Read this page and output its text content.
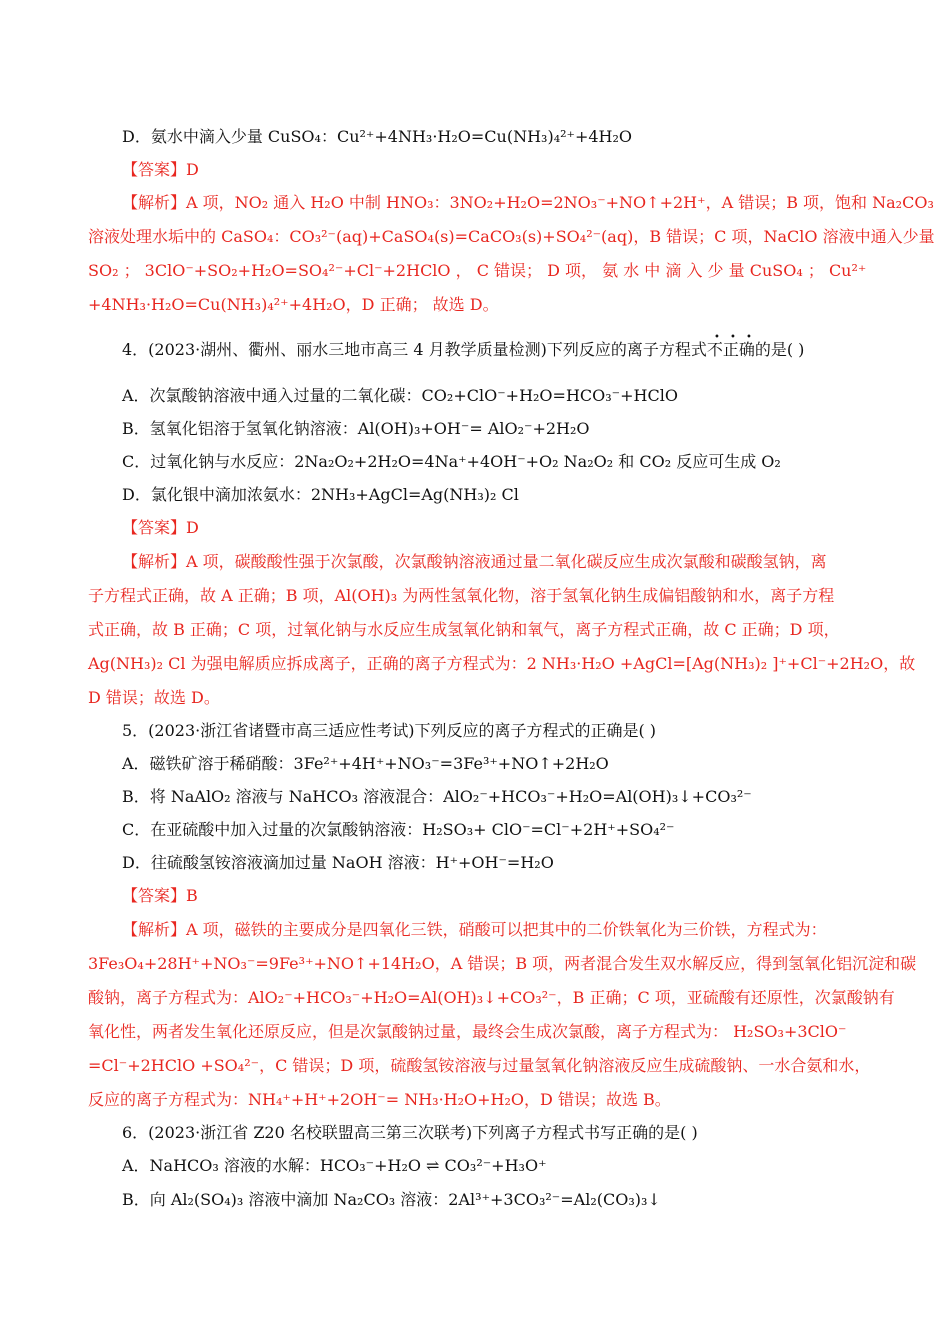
D．氨水中滴入少量 CuSO₄：Cu²⁺+4NH₃·H₂O=Cu(NH₃)₄²⁺+4H₂O
【答案】D
【解析】A 项，NO₂ 通入 H₂O 中制 HNO₃：3NO₂+H₂O=2NO₃⁻+NO↑+2H⁺，A 错误；B 项，饱和 Na₂CO₃
溶液处理水垢中的 CaSO₄：CO₃²⁻(aq)+CaSO₄(s)=CaCO₃(s)+SO₄²⁻(aq)，B 错误；C 项，NaClO 溶液中通入少量
SO₂ ； 3ClO⁻+SO₂+H₂O=SO₄²⁻+Cl⁻+2HClO ， C 错误； D 项， 氨 水 中 滴 入 少 量 CuSO₄ ； Cu²⁺
+4NH₃·H₂O=Cu(NH₃)₄²⁺+4H₂O，D 正确； 故选 D。
4．(2023·湖州、衢州、丽水三地市高三 4 月教学质量检测)下列反应的离子方程式不正确的是( )
• • •
A．次氯酸钠溶液中通入过量的二氧化碳：CO₂+ClO⁻+H₂O=HCO₃⁻+HClO
B．氢氧化铝溶于氢氧化钠溶液：Al(OH)₃+OH⁻= AlO₂⁻+2H₂O
C．过氧化钠与水反应：2Na₂O₂+2H₂O=4Na⁺+4OH⁻+O₂ Na₂O₂ 和 CO₂ 反应可生成 O₂
D．氯化银中滴加浓氨水：2NH₃+AgCl=Ag(NH₃)₂ Cl
【答案】D
【解析】A 项，碳酸酸性强于次氯酸，次氯酸钠溶液通过量二氧化碳反应生成次氯酸和碳酸氢钠，离
子方程式正确，故 A 正确；B 项，Al(OH)₃ 为两性氢氧化物，溶于氢氧化钠生成偏铝酸钠和水，离子方程
式正确，故 B 正确；C 项，过氧化钠与水反应生成氢氧化钠和氧气，离子方程式正确，故 C 正确；D 项，
Ag(NH₃)₂ Cl 为强电解质应拆成离子，正确的离子方程式为：2 NH₃·H₂O +AgCl=[Ag(NH₃)₂ ]⁺+Cl⁻+2H₂O，故
D 错误；故选 D。
5．(2023·浙江省诸暨市高三适应性考试)下列反应的离子方程式的正确是( )
A．磁铁矿溶于稀硝酸：3Fe²⁺+4H⁺+NO₃⁻=3Fe³⁺+NO↑+2H₂O
B．将 NaAlO₂ 溶液与 NaHCO₃ 溶液混合：AlO₂⁻+HCO₃⁻+H₂O=Al(OH)₃↓+CO₃²⁻
C．在亚硫酸中加入过量的次氯酸钠溶液：H₂SO₃+ ClO⁻=Cl⁻+2H⁺+SO₄²⁻
D．往硫酸氢铵溶液滴加过量 NaOH 溶液：H⁺+OH⁻=H₂O
【答案】B
【解析】A 项，磁铁的主要成分是四氧化三铁，硝酸可以把其中的二价铁氧化为三价铁，方程式为：
3Fe₃O₄+28H⁺+NO₃⁻=9Fe³⁺+NO↑+14H₂O，A 错误；B 项，两者混合发生双水解反应，得到氢氧化铝沉淀和碳
酸钠，离子方程式为：AlO₂⁻+HCO₃⁻+H₂O=Al(OH)₃↓+CO₃²⁻，B 正确；C 项，亚硫酸有还原性，次氯酸钠有
氧化性，两者发生氧化还原反应，但是次氯酸钠过量，最终会生成次氯酸，离子方程式为： H₂SO₃+3ClO⁻
=Cl⁻+2HClO +SO₄²⁻，C 错误；D 项，硫酸氢铵溶液与过量氢氧化钠溶液反应生成硫酸钠、一水合氨和水，
反应的离子方程式为：NH₄⁺+H⁺+2OH⁻= NH₃·H₂O+H₂O，D 错误；故选 B。
6．(2023·浙江省 Z20 名校联盟高三第三次联考)下列离子方程式书写正确的是( )
A．NaHCO₃ 溶液的水解：HCO₃⁻+H₂O ⇌ CO₃²⁻+H₃O⁺
B．向 Al₂(SO₄)₃ 溶液中滴加 Na₂CO₃ 溶液：2Al³⁺+3CO₃²⁻=Al₂(CO₃)₃↓
